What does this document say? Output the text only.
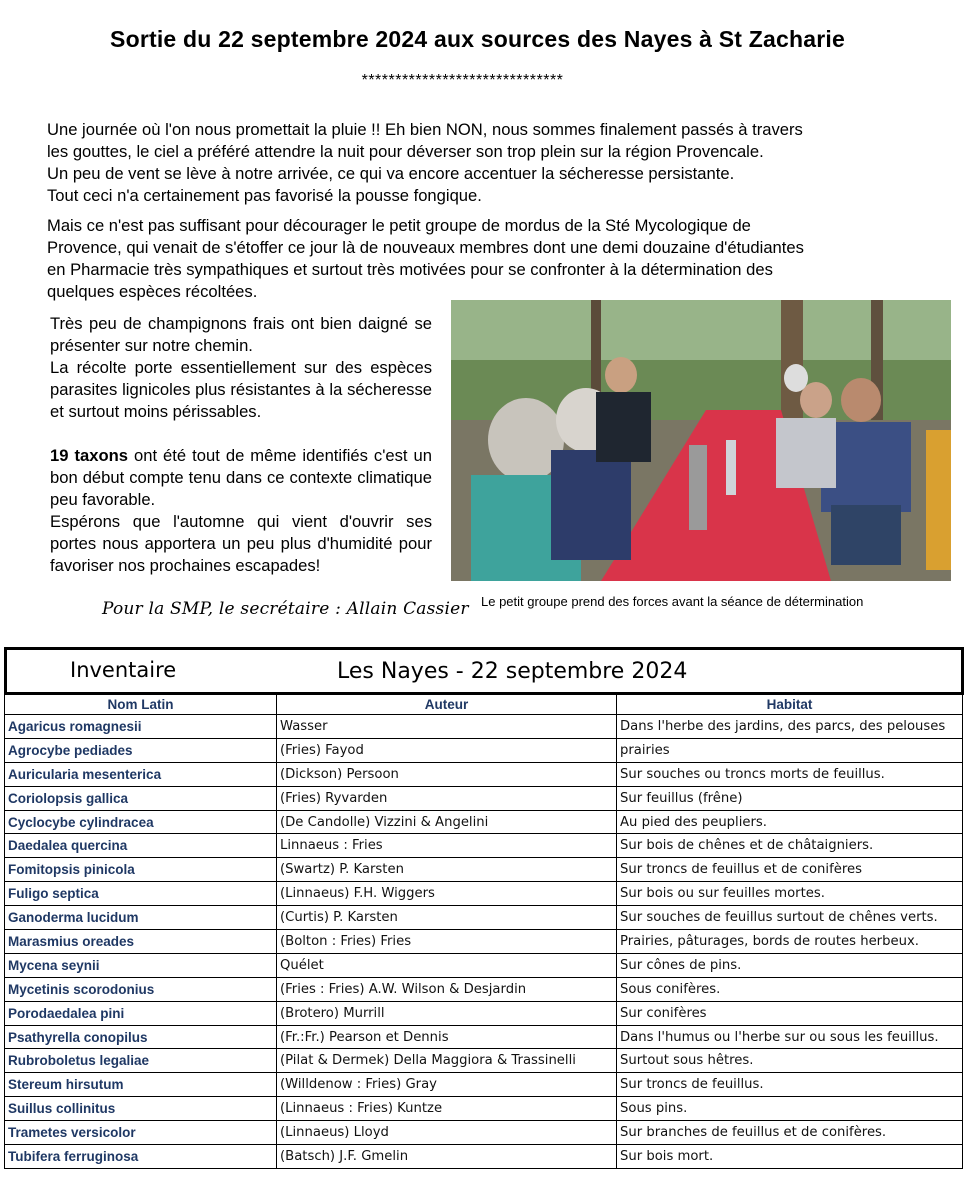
Sortie du 22 septembre 2024 aux sources des Nayes à St Zacharie
******************************
Une journée où l'on nous promettait la pluie !! Eh bien NON, nous sommes finalement passés à travers
les gouttes, le ciel a préféré attendre la nuit pour déverser son trop plein sur la région Provencale.
Un peu de vent se lève à notre arrivée, ce qui va encore accentuer la sécheresse persistante.
Tout ceci n'a certainement pas favorisé la pousse fongique.
Mais ce n'est pas suffisant pour décourager le petit groupe de mordus de la Sté Mycologique de
Provence, qui venait de s'étoffer ce jour là de nouveaux membres dont une demi douzaine d'étudiantes
en Pharmacie très sympathiques et surtout très motivées pour se confronter à la détermination des
quelques espèces récoltées.

Très peu de champignons frais ont bien daigné se présenter sur notre chemin.

La récolte porte essentiellement sur des espèces parasites lignicoles plus résistantes à la sécheresse et surtout moins périssables.

19 taxons ont été tout de même identifiés c'est un bon début compte tenu dans ce contexte climatique peu favorable.

Espérons que l'automne qui vient d'ouvrir ses portes nous apportera un peu plus d'humidité pour favoriser nos prochaines escapades!

Pour la SMP, le secrétaire : Allain Cassier Le petit groupe prend des forces avant la séance de détermination
Inventaire	Les Nayes - 22 septembre 2024
Nom Latin	Auteur	Habitat
Agaricus romagnesii	Wasser	Dans l'herbe des jardins, des parcs, des pelouses
Agrocybe pediades	(Fries) Fayod	prairies
Auricularia mesenterica	(Dickson) Persoon	Sur souches ou troncs morts de feuillus.
Coriolopsis gallica	(Fries) Ryvarden	Sur feuillus (frêne)
Cyclocybe cylindracea	(De Candolle) Vizzini & Angelini	Au pied des peupliers.
Daedalea quercina	Linnaeus : Fries	Sur bois de chênes et de châtaigniers.
Fomitopsis pinicola	(Swartz) P. Karsten	Sur troncs de feuillus et de conifères
Fuligo septica	(Linnaeus) F.H. Wiggers	Sur bois ou sur feuilles mortes.
Ganoderma lucidum	(Curtis) P. Karsten	Sur souches de feuillus surtout de chênes verts.
Marasmius oreades	(Bolton : Fries) Fries	Prairies, pâturages, bords de routes herbeux.
Mycena seynii	Quélet	Sur cônes de pins.
Mycetinis scorodonius	(Fries : Fries) A.W. Wilson & Desjardin	Sous conifères.
Porodaedalea pini	(Brotero) Murrill	Sur conifères
Psathyrella conopilus	(Fr.:Fr.) Pearson et Dennis	Dans l'humus ou l'herbe sur ou sous les feuillus.
Rubroboletus legaliae	(Pilat & Dermek) Della Maggiora & Trassinelli	Surtout sous hêtres.
Stereum hirsutum	(Willdenow : Fries) Gray	Sur troncs de feuillus.
Suillus collinitus	(Linnaeus : Fries) Kuntze	Sous pins.
Trametes versicolor	(Linnaeus) Lloyd	Sur branches de feuillus et de conifères.
Tubifera ferruginosa	(Batsch) J.F. Gmelin	Sur bois mort.
